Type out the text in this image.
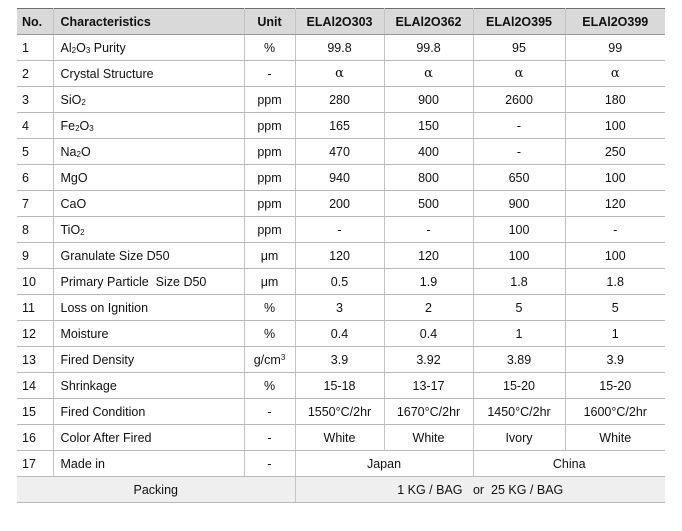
No.	Characteristics	Unit	ELAl2O303	ELAl2O362	ELAl2O395	ELAl2O399
1	Al2O3 Purity	%	99.8	99.8	95	99
2	Crystal Structure	-	α	α	α	α
3	SiO2	ppm	280	900	2600	180
4	Fe2O3	ppm	165	150	-	100
5	Na2O	ppm	470	400	-	250
6	MgO	ppm	940	800	650	100
7	CaO	ppm	200	500	900	120
8	TiO2	ppm	-	-	100	-
9	Granulate Size D50	μm	120	120	100	100
10	Primary Particle  Size D50	μm	0.5	1.9	1.8	1.8
11	Loss on Ignition	%	3	2	5	5
12	Moisture	%	0.4	0.4	1	1
13	Fired Density	$g/cm^3$	3.9	3.92	3.89	3.9
14	Shrinkage	%	15-18	13-17	15-20	15-20
15	Fired Condition	-	1550°C/2hr	1670°C/2hr	1450°C/2hr	1600°C/2hr
16	Color After Fired	-	White	White	Ivory	White
17	Made in	-	Japan		China	
Packing			1 KG / BAG   or  25 KG / BAG			
